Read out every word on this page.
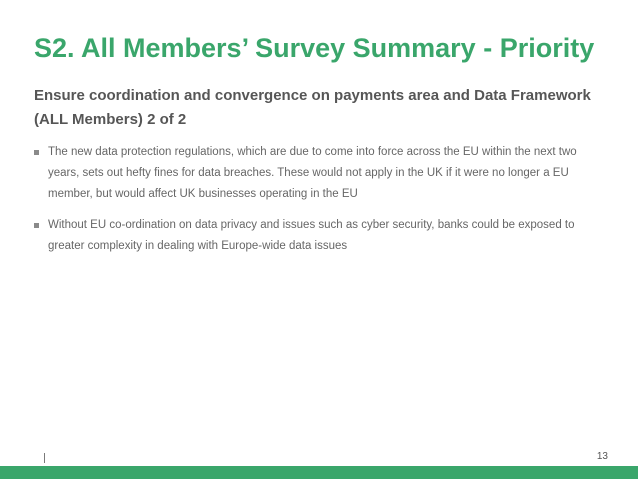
S2. All Members’ Survey Summary - Priority
Ensure coordination and convergence on payments area and Data Framework (ALL Members) 2 of 2
The new data protection regulations, which are due to come into force across the EU within the next two years, sets out hefty fines for data breaches. These would not apply in the UK if it were no longer a EU member, but would affect UK businesses operating in the EU
Without EU co-ordination on data privacy and issues such as cyber security, banks could be exposed to greater complexity in dealing with Europe-wide data issues
13
